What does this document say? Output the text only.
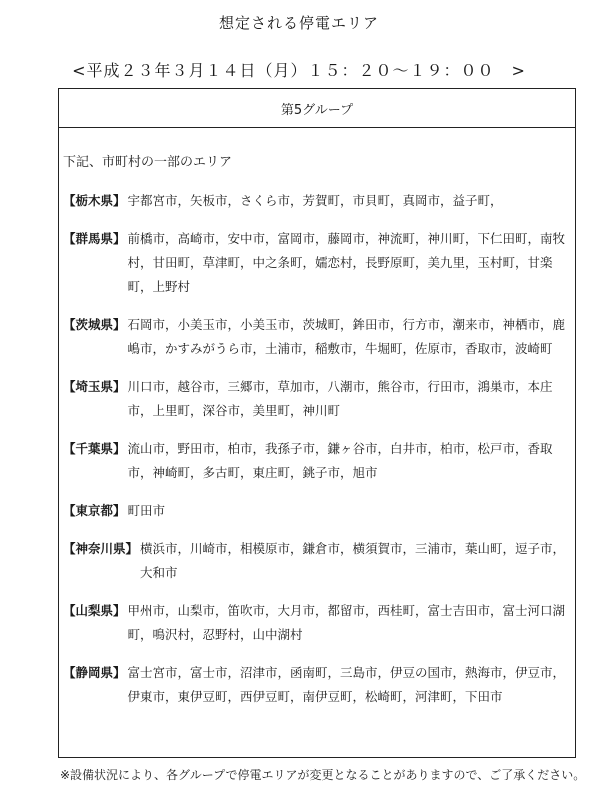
想定される停電エリア
<平成２３年３月１４日（月）１５：２０～１９：００　>
第5グループ
下記、市町村の一部のエリア
【栃木県】 宇都宮市，矢板市，さくら市，芳賀町，市貝町，真岡市，益子町，
【群馬県】 前橋市，高崎市，安中市，富岡市，藤岡市，神流町，神川町，下仁田町，南牧村，甘田町，草津町，中之条町，嬬恋村，長野原町，美九里，玉村町，甘楽町，上野村
【茨城県】 石岡市，小美玉市，小美玉市，茨城町，鉾田市，行方市，潮来市，神栖市，鹿嶋市，かすみがうら市，土浦市，稲敷市，牛堀町，佐原市，香取市，波崎町
【埼玉県】 川口市，越谷市，三郷市，草加市，八潮市，熊谷市，行田市，鴻巣市，本庄市，上里町，深谷市，美里町，神川町
【千葉県】 流山市，野田市，柏市，我孫子市，鎌ヶ谷市，白井市，柏市，松戸市，香取市，神崎町，多古町，東庄町，銚子市，旭市
【東京都】 町田市
【神奈川県】 横浜市，川崎市，相模原市，鎌倉市，横須賀市，三浦市，葉山町，逗子市，大和市
【山梨県】 甲州市，山梨市，笛吹市，大月市，都留市，西桂町，富士吉田市，富士河口湖町，鳴沢村，忍野村，山中湖村
【静岡県】 富士宮市，富士市，沼津市，函南町，三島市，伊豆の国市，熱海市，伊豆市，伊東市，東伊豆町，西伊豆町，南伊豆町，松崎町，河津町，下田市
※設備状況により、各グループで停電エリアが変更となることがありますので、ご了承ください。
